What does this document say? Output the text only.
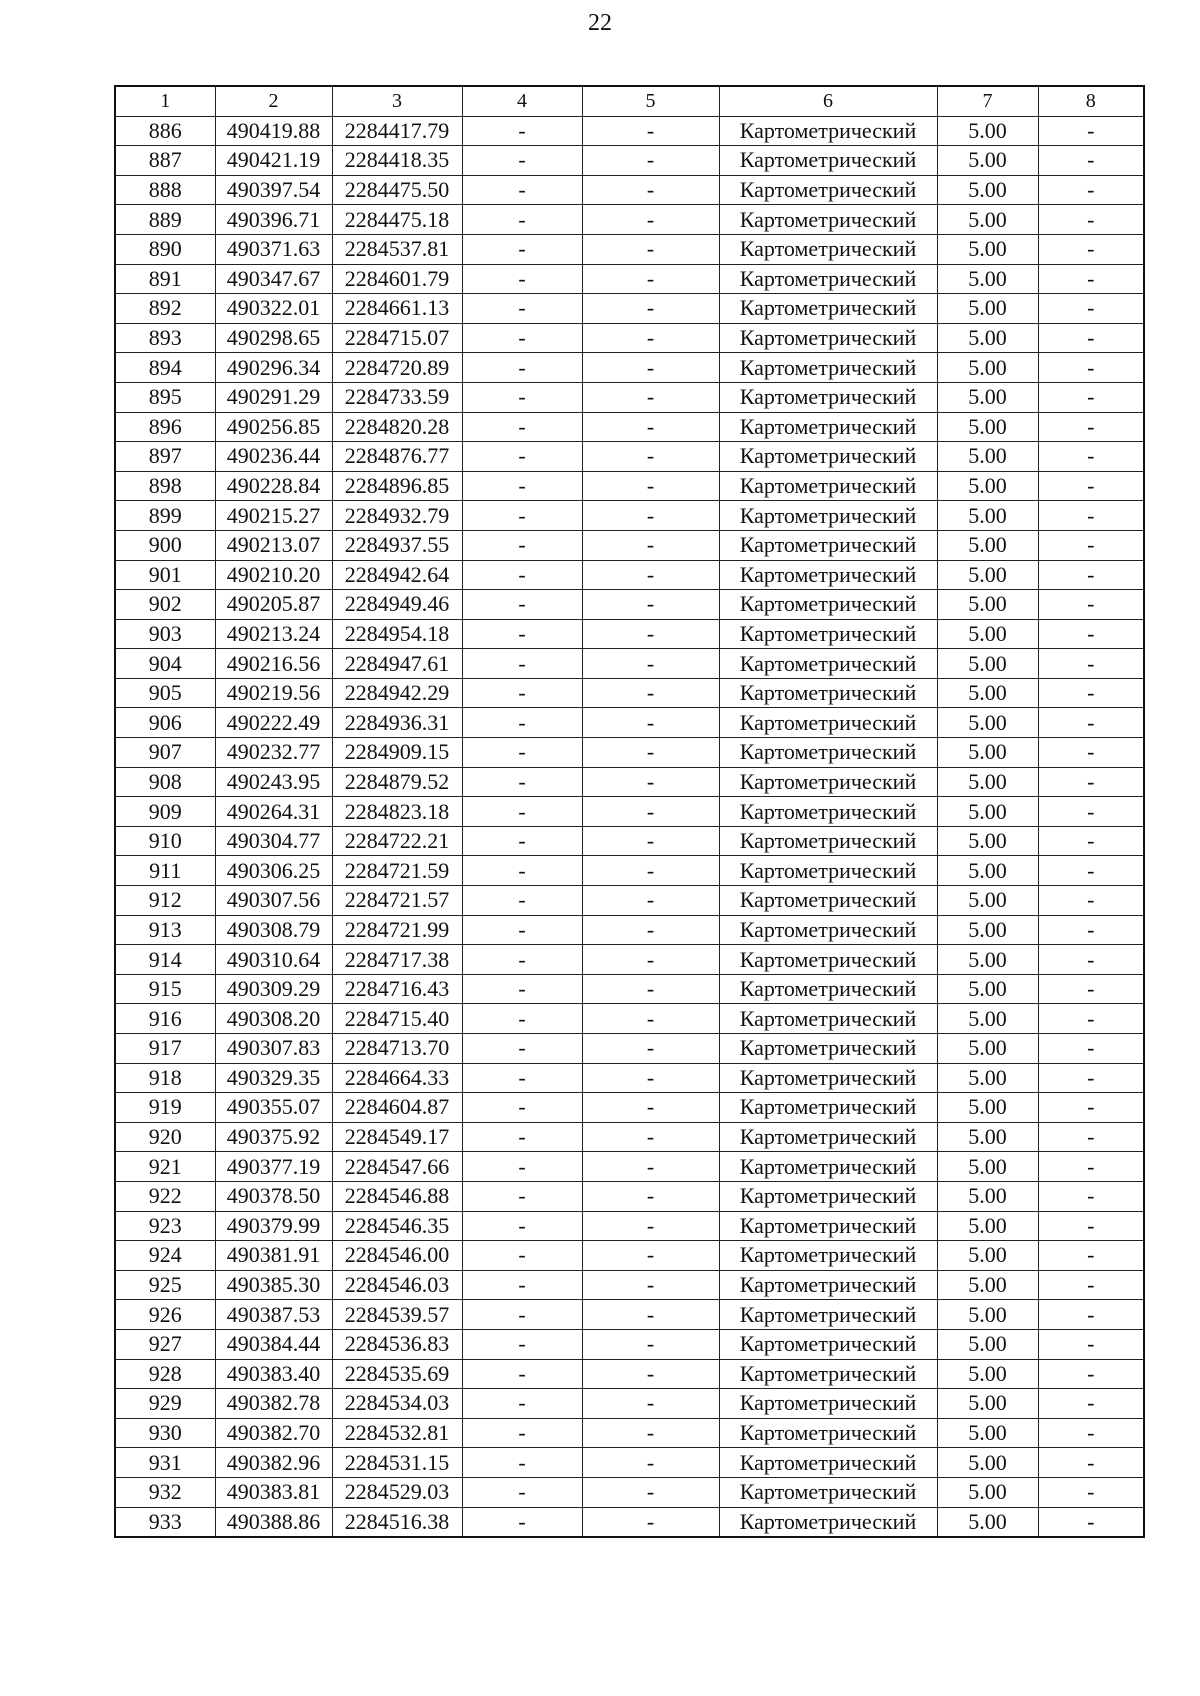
22
1	2	3	4	5	6	7	8
886	490419.88	2284417.79	-	-	Картометрический	5.00	-
887	490421.19	2284418.35	-	-	Картометрический	5.00	-
888	490397.54	2284475.50	-	-	Картометрический	5.00	-
889	490396.71	2284475.18	-	-	Картометрический	5.00	-
890	490371.63	2284537.81	-	-	Картометрический	5.00	-
891	490347.67	2284601.79	-	-	Картометрический	5.00	-
892	490322.01	2284661.13	-	-	Картометрический	5.00	-
893	490298.65	2284715.07	-	-	Картометрический	5.00	-
894	490296.34	2284720.89	-	-	Картометрический	5.00	-
895	490291.29	2284733.59	-	-	Картометрический	5.00	-
896	490256.85	2284820.28	-	-	Картометрический	5.00	-
897	490236.44	2284876.77	-	-	Картометрический	5.00	-
898	490228.84	2284896.85	-	-	Картометрический	5.00	-
899	490215.27	2284932.79	-	-	Картометрический	5.00	-
900	490213.07	2284937.55	-	-	Картометрический	5.00	-
901	490210.20	2284942.64	-	-	Картометрический	5.00	-
902	490205.87	2284949.46	-	-	Картометрический	5.00	-
903	490213.24	2284954.18	-	-	Картометрический	5.00	-
904	490216.56	2284947.61	-	-	Картометрический	5.00	-
905	490219.56	2284942.29	-	-	Картометрический	5.00	-
906	490222.49	2284936.31	-	-	Картометрический	5.00	-
907	490232.77	2284909.15	-	-	Картометрический	5.00	-
908	490243.95	2284879.52	-	-	Картометрический	5.00	-
909	490264.31	2284823.18	-	-	Картометрический	5.00	-
910	490304.77	2284722.21	-	-	Картометрический	5.00	-
911	490306.25	2284721.59	-	-	Картометрический	5.00	-
912	490307.56	2284721.57	-	-	Картометрический	5.00	-
913	490308.79	2284721.99	-	-	Картометрический	5.00	-
914	490310.64	2284717.38	-	-	Картометрический	5.00	-
915	490309.29	2284716.43	-	-	Картометрический	5.00	-
916	490308.20	2284715.40	-	-	Картометрический	5.00	-
917	490307.83	2284713.70	-	-	Картометрический	5.00	-
918	490329.35	2284664.33	-	-	Картометрический	5.00	-
919	490355.07	2284604.87	-	-	Картометрический	5.00	-
920	490375.92	2284549.17	-	-	Картометрический	5.00	-
921	490377.19	2284547.66	-	-	Картометрический	5.00	-
922	490378.50	2284546.88	-	-	Картометрический	5.00	-
923	490379.99	2284546.35	-	-	Картометрический	5.00	-
924	490381.91	2284546.00	-	-	Картометрический	5.00	-
925	490385.30	2284546.03	-	-	Картометрический	5.00	-
926	490387.53	2284539.57	-	-	Картометрический	5.00	-
927	490384.44	2284536.83	-	-	Картометрический	5.00	-
928	490383.40	2284535.69	-	-	Картометрический	5.00	-
929	490382.78	2284534.03	-	-	Картометрический	5.00	-
930	490382.70	2284532.81	-	-	Картометрический	5.00	-
931	490382.96	2284531.15	-	-	Картометрический	5.00	-
932	490383.81	2284529.03	-	-	Картометрический	5.00	-
933	490388.86	2284516.38	-	-	Картометрический	5.00	-
